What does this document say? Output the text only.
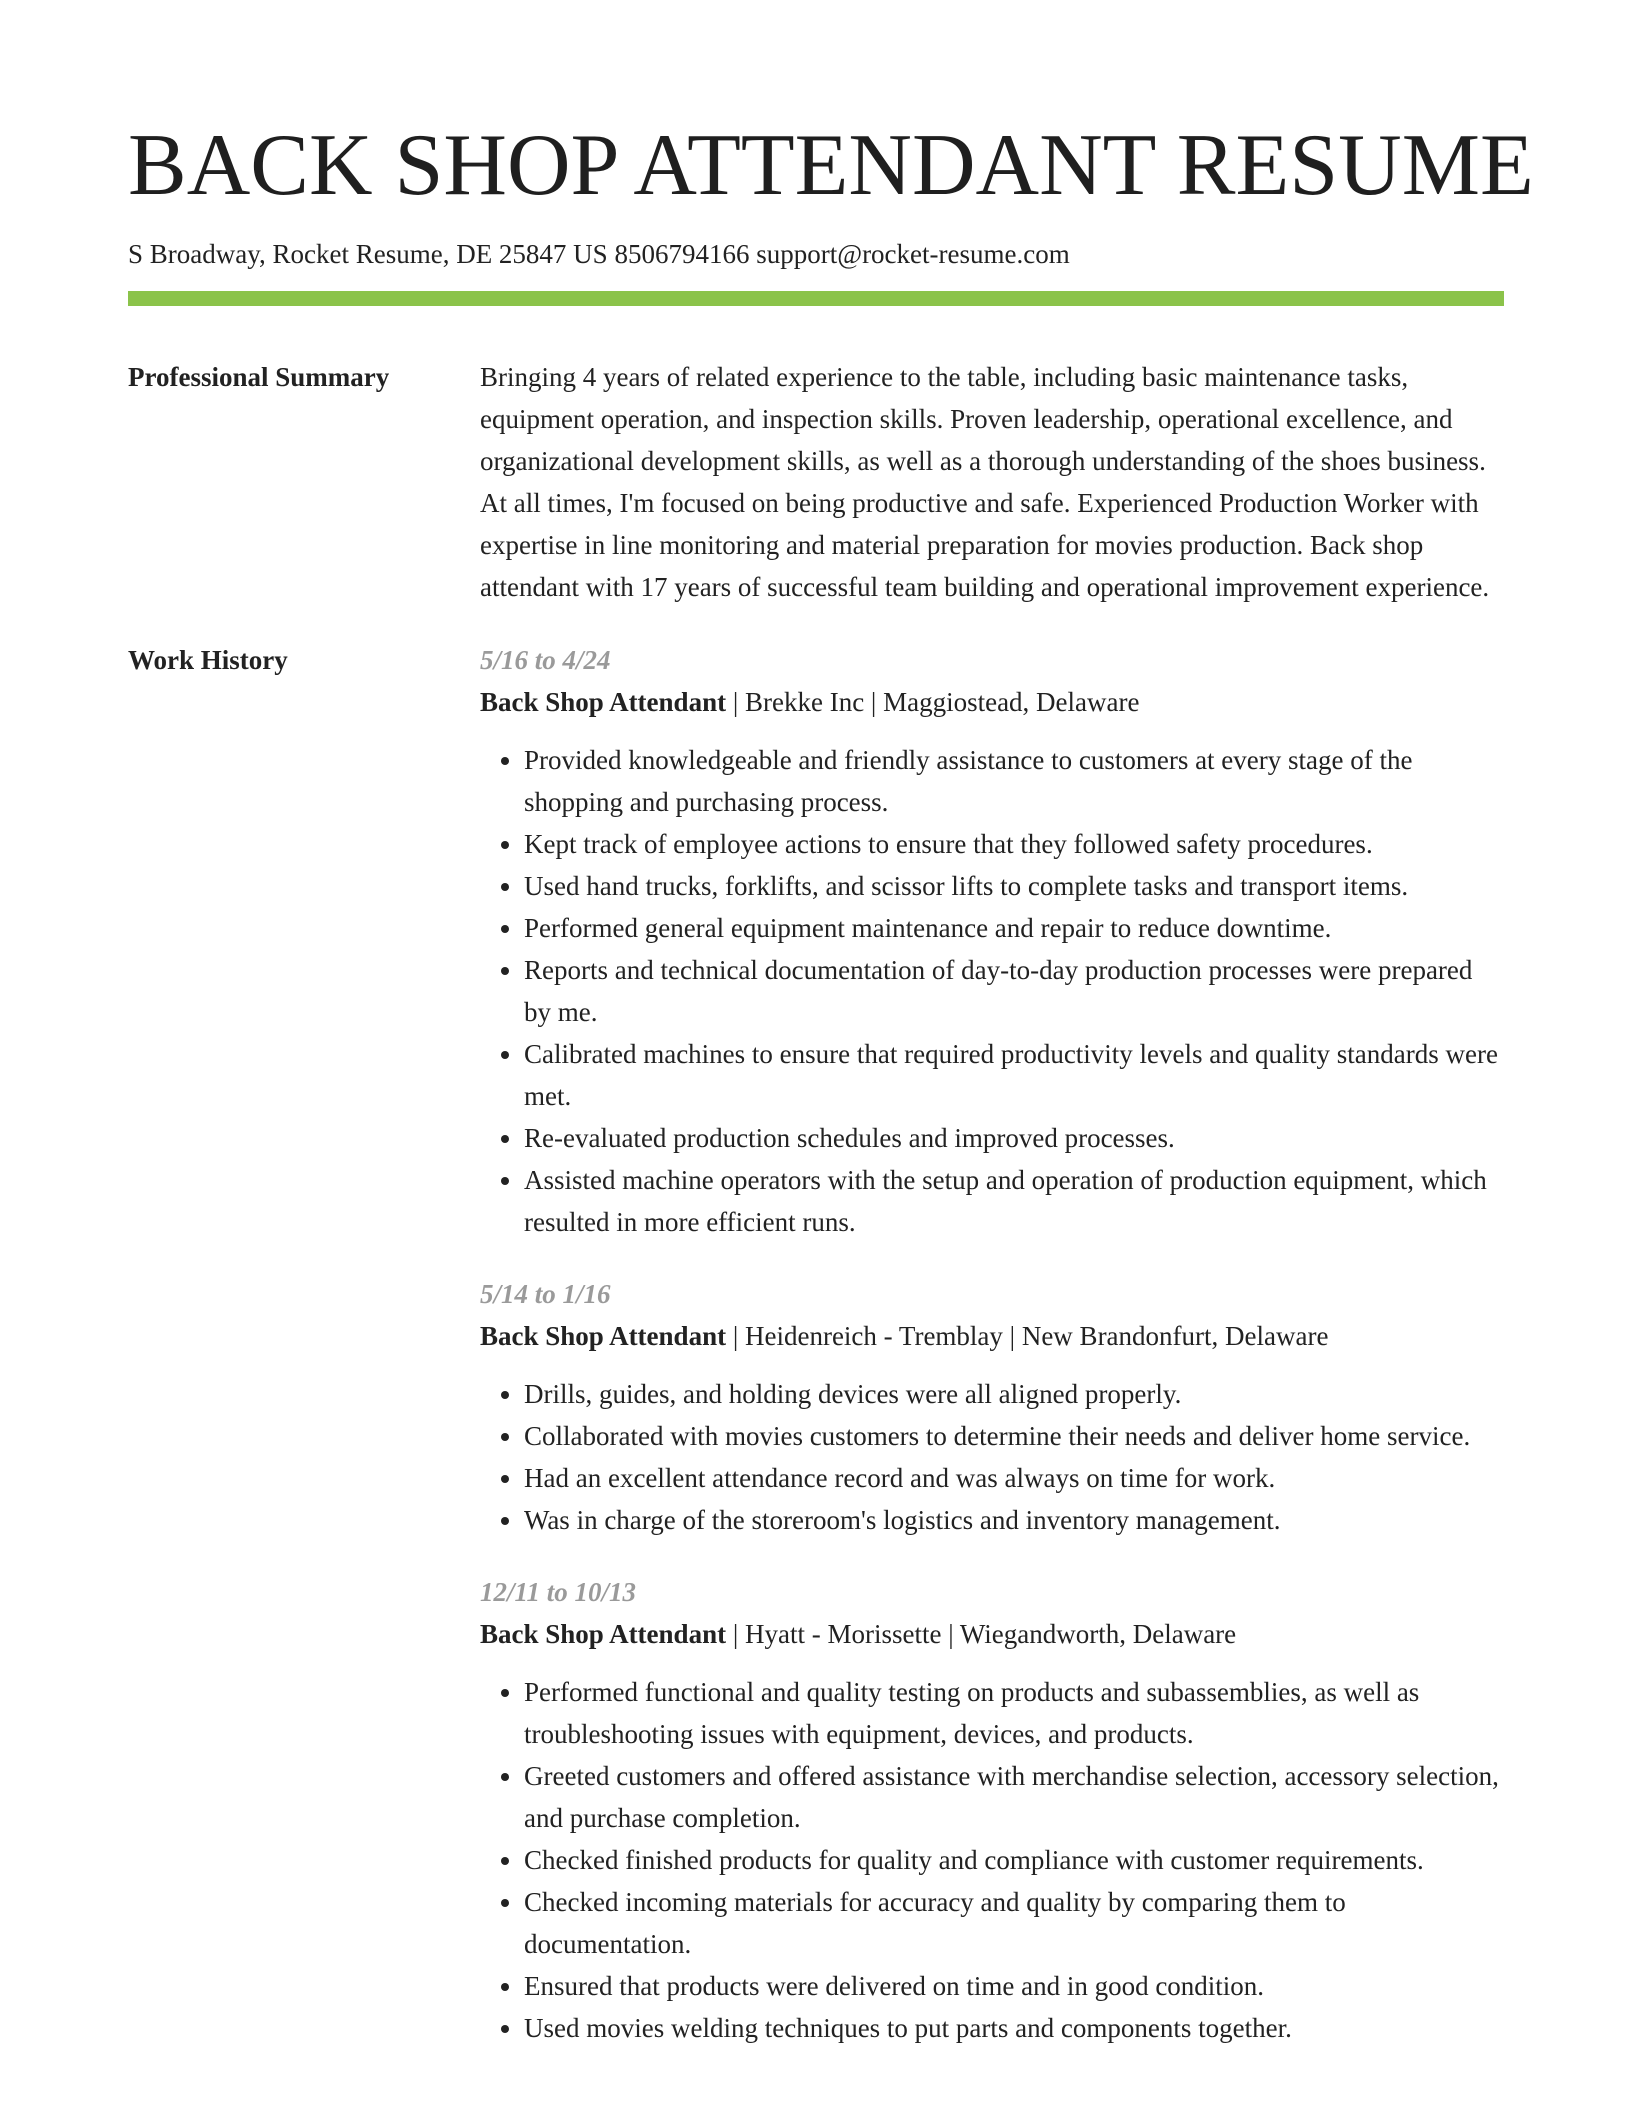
BACK SHOP ATTENDANT RESUME
S Broadway, Rocket Resume, DE 25847 US 8506794166 support@rocket-resume.com
Professional Summary	Bringing 4 years of related experience to the table, including basic maintenance tasks, equipment operation, and inspection skills. Proven leadership, operational excellence, and organizational development skills, as well as a thorough understanding of the shoes business. At all times, I'm focused on being productive and safe. Experienced Production Worker with expertise in line monitoring and material preparation for movies production. Back shop attendant with 17 years of successful team building and operational improvement experience.

Work History	5/16 to 4/24
Back Shop Attendant | Brekke Inc | Maggiostead, Delaware
• Provided knowledgeable and friendly assistance to customers at every stage of the shopping and purchasing process.
• Kept track of employee actions to ensure that they followed safety procedures.
• Used hand trucks, forklifts, and scissor lifts to complete tasks and transport items.
• Performed general equipment maintenance and repair to reduce downtime.
• Reports and technical documentation of day-to-day production processes were prepared by me.
• Calibrated machines to ensure that required productivity levels and quality standards were met.
• Re-evaluated production schedules and improved processes.
• Assisted machine operators with the setup and operation of production equipment, which resulted in more efficient runs.
5/14 to 1/16
Back Shop Attendant | Heidenreich - Tremblay | New Brandonfurt, Delaware
• Drills, guides, and holding devices were all aligned properly.
• Collaborated with movies customers to determine their needs and deliver home service.
• Had an excellent attendance record and was always on time for work.
• Was in charge of the storeroom's logistics and inventory management.
12/11 to 10/13
Back Shop Attendant | Hyatt - Morissette | Wiegandworth, Delaware
• Performed functional and quality testing on products and subassemblies, as well as troubleshooting issues with equipment, devices, and products.
• Greeted customers and offered assistance with merchandise selection, accessory selection, and purchase completion.
• Checked finished products for quality and compliance with customer requirements.
• Checked incoming materials for accuracy and quality by comparing them to documentation.
• Ensured that products were delivered on time and in good condition.
• Used movies welding techniques to put parts and components together.
